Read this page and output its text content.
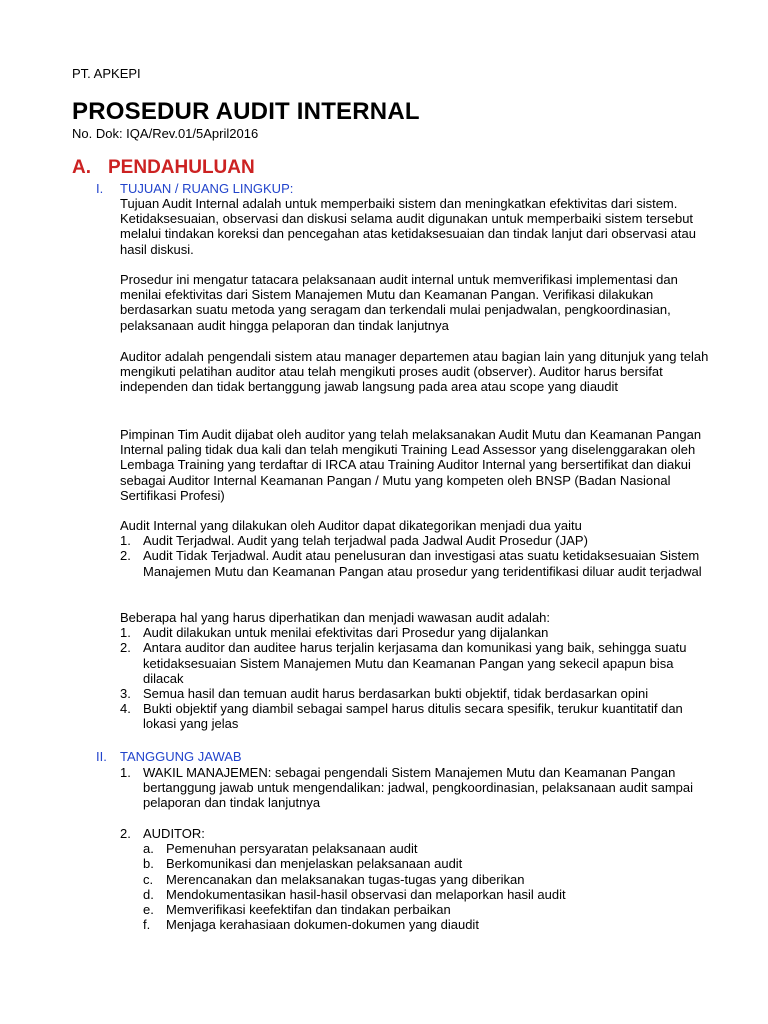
PT. APKEPI
PROSEDUR AUDIT INTERNAL
No. Dok: IQA/Rev.01/5April2016
A. PENDAHULUAN
I. TUJUAN / RUANG LINGKUP:

Tujuan Audit Internal adalah untuk memperbaiki sistem dan meningkatkan efektivitas dari sistem. Ketidaksesuaian, observasi dan diskusi selama audit digunakan untuk memperbaiki sistem tersebut melalui tindakan koreksi dan pencegahan atas ketidaksesuaian dan tindak lanjut dari observasi atau hasil diskusi.

Prosedur ini mengatur tatacara pelaksanaan audit internal untuk memverifikasi implementasi dan menilai efektivitas dari Sistem Manajemen Mutu dan Keamanan Pangan. Verifikasi dilakukan berdasarkan suatu metoda yang seragam dan terkendali mulai penjadwalan, pengkoordinasian, pelaksanaan audit hingga pelaporan dan tindak lanjutnya

Auditor adalah pengendali sistem atau manager departemen atau bagian lain yang ditunjuk yang telah mengikuti pelatihan auditor atau telah mengikuti proses audit (observer). Auditor harus bersifat independen dan tidak bertanggung jawab langsung pada area atau scope yang diaudit

Pimpinan Tim Audit dijabat oleh auditor yang telah melaksanakan Audit Mutu dan Keamanan Pangan Internal paling tidak dua kali dan telah mengikuti Training Lead Assessor yang diselenggarakan oleh Lembaga Training yang terdaftar di IRCA atau Training Auditor Internal yang bersertifikat dan diakui sebagai Auditor Internal Keamanan Pangan / Mutu yang kompeten oleh BNSP (Badan Nasional Sertifikasi Profesi)

Audit Internal yang dilakukan oleh Auditor dapat dikategorikan menjadi dua yaitu

1. Audit Terjadwal. Audit yang telah terjadwal pada Jadwal Audit Prosedur (JAP)
2. Audit Tidak Terjadwal. Audit atau penelusuran dan investigasi atas suatu ketidaksesuaian Sistem Manajemen Mutu dan Keamanan Pangan atau prosedur yang teridentifikasi diluar audit terjadwal

Beberapa hal yang harus diperhatikan dan menjadi wawasan audit adalah:

1. Audit dilakukan untuk menilai efektivitas dari Prosedur yang dijalankan
2. Antara auditor dan auditee harus terjalin kerjasama dan komunikasi yang baik, sehingga suatu ketidaksesuaian Sistem Manajemen Mutu dan Keamanan Pangan yang sekecil apapun bisa dilacak
3. Semua hasil dan temuan audit harus berdasarkan bukti objektif, tidak berdasarkan opini
4. Bukti objektif yang diambil sebagai sampel harus ditulis secara spesifik, terukur kuantitatif dan lokasi yang jelas
II. TANGGUNG JAWAB
1. WAKIL MANAJEMEN: sebagai pengendali Sistem Manajemen Mutu dan Keamanan Pangan bertanggung jawab untuk mengendalikan: jadwal, pengkoordinasian, pelaksanaan audit sampai pelaporan dan tindak lanjutnya
2. AUDITOR:
a. Pemenuhan persyaratan pelaksanaan audit
b. Berkomunikasi dan menjelaskan pelaksanaan audit
c. Merencanakan dan melaksanakan tugas-tugas yang diberikan
d. Mendokumentasikan hasil-hasil observasi dan melaporkan hasil audit
e. Memverifikasi keefektifan dan tindakan perbaikan
f. Menjaga kerahasiaan dokumen-dokumen yang diaudit
